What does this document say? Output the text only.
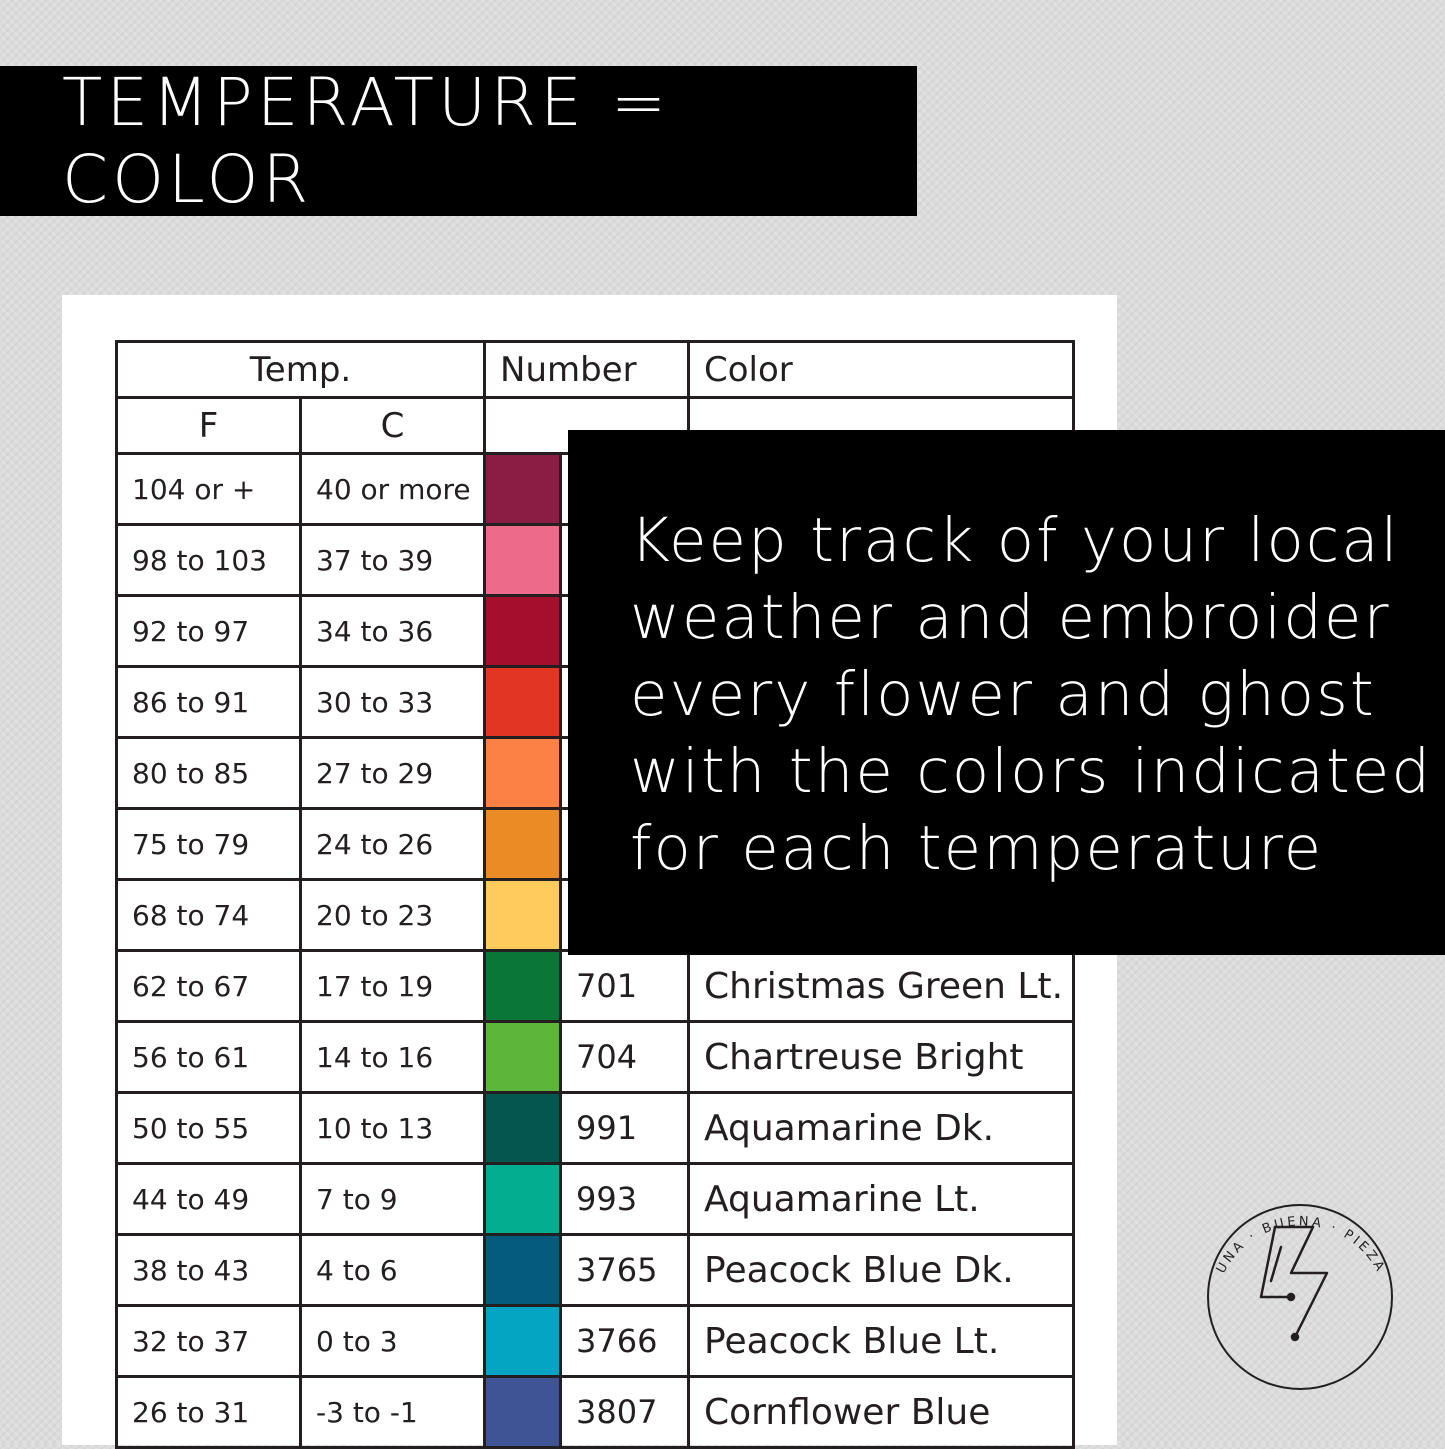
TEMPERATURE = COLOR
Temp.		Number		Color
F	C			
104 or +	40 or more			
98 to 103	37 to 39			
92 to 97	34 to 36			
86 to 91	30 to 33			
80 to 85	27 to 29			
75 to 79	24 to 26			
68 to 74	20 to 23			
62 to 67	17 to 19		701	Christmas Green Lt.
56 to 61	14 to 16		704	Chartreuse Bright
50 to 55	10 to 13		991	Aquamarine Dk.
44 to 49	7 to 9		993	Aquamarine Lt.
38 to 43	4 to 6		3765	Peacock Blue Dk.
32 to 37	0 to 3		3766	Peacock Blue Lt.
26 to 31	-3 to -1		3807	Cornflower Blue

Keep track of your local
weather and embroider
every flower and ghost
with the colors indicated
for each temperature

UNA · BUENA · PIEZA
